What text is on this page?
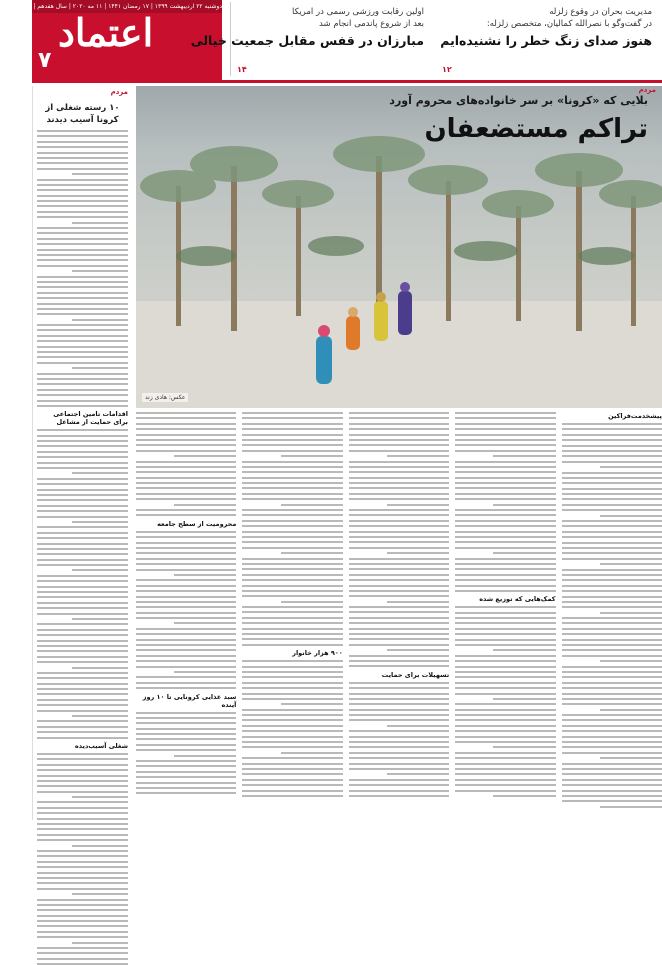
دوشنبه ۲۲ اردیبهشت ۱۳۹۹ | ۱۷ رمضان ۱۴۴۱ | ۱۱ مه ۲۰۲۰ | سال هفدهم | شماره ۴۶۴۴
اعتماد
۷
اولین رقابت ورزشی رسمی در امریکا
بعد از شروع پاندمی انجام شد
مبارزان در قفس مقابل جمعیت خیالی
۱۴
مدیریت بحران در وقوع زلزله
در گفت‌وگو با نصرالله کمالیان، متخصص زلزله:
هنوز صدای زنگ خطر را نشنیده‌ایم
۱۲
بلایی که «کرونا» بر سر خانواده‌های محروم آورد
تراکم مستضعفان
عکس: هادی زند
مردم
مردم
۱۰ رسته شغلی از کرونا آسیب دیدند
اقدامات تامین اجتماعی برای حمایت از مشاغل
شغلی آسیب‌دیده
پیشخدمت‌فراکین
کمک‌هایی که توزیع شده
تسهیلات برای حمایت
۹۰۰ هزار خانوار
محرومیت از سطح جامعه
سبد غذایی کرونایی تا ۱۰ روز آینده
